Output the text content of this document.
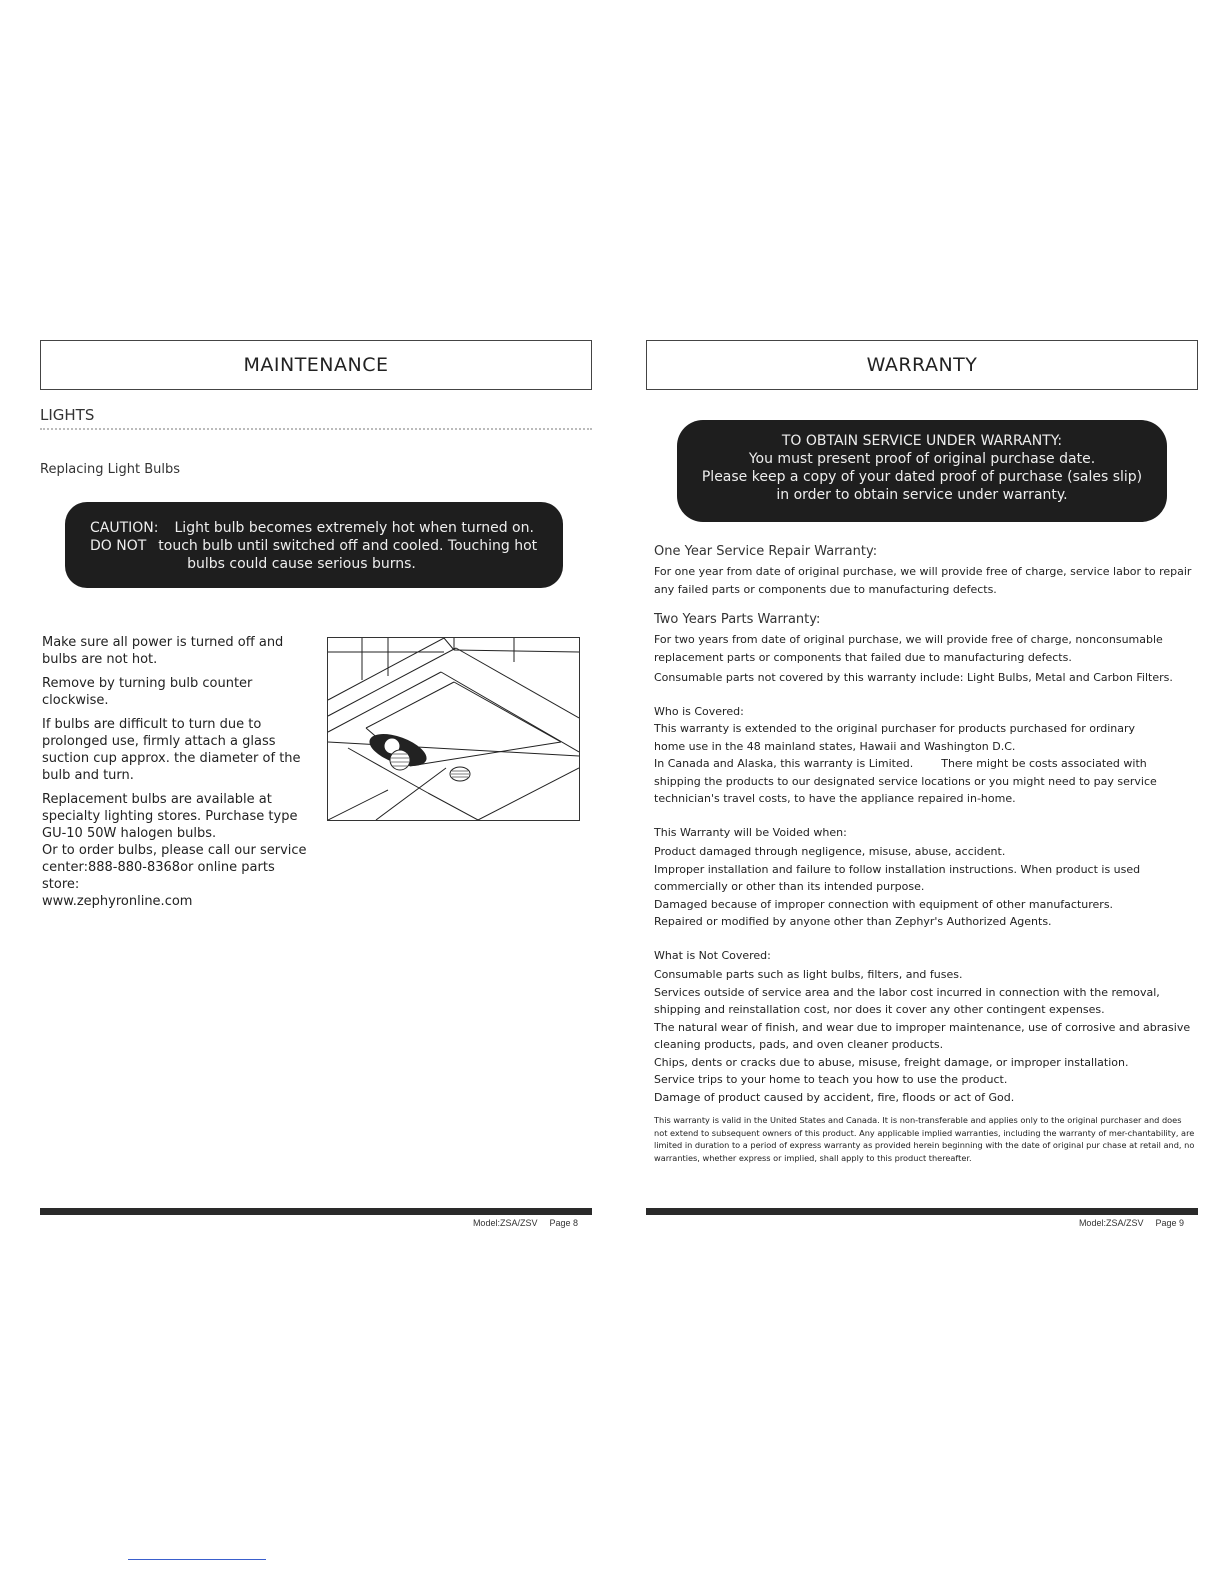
MAINTENANCE
LIGHTS
Replacing Light Bulbs
CAUTION: Light bulb becomes extremely hot when turned on.
DO NOT touch bulb until switched off and cooled. Touching hot
bulbs could cause serious burns.

Make sure all power is turned off and bulbs are not hot.

Remove by turning bulb counter clockwise.

If bulbs are difficult to turn due to prolonged use, firmly attach a glass suction cup approx. the diameter of the bulb and turn.

Replacement bulbs are available at specialty lighting stores. Purchase type GU-10 50W halogen bulbs.
Or to order bulbs, please call our service center:888-880-8368or online parts store:
www.zephyronline.com

Model:ZSA/ZSV Page 8
WARRANTY
TO OBTAIN SERVICE UNDER WARRANTY:
You must present proof of original purchase date.
Please keep a copy of your dated proof of purchase (sales slip)
in order to obtain service under warranty.
One Year Service Repair Warranty:

For one year from date of original purchase, we will provide free of charge, service labor to repair any failed parts or components due to manufacturing defects.

Two Years Parts Warranty:

For two years from date of original purchase, we will provide free of charge, nonconsumable replacement parts or components that failed due to manufacturing defects.

Consumable parts not covered by this warranty include: Light Bulbs, Metal and Carbon Filters.

Who is Covered:

This warranty is extended to the original purchaser for products purchased for ordinary

home use in the 48 mainland states, Hawaii and Washington D.C.

In Canada and Alaska, this warranty is Limited.	There might be costs associated with shipping the products to our designated service locations or you might need to pay service technician's travel costs, to have the appliance repaired in-home.

This Warranty will be Voided when:

Product damaged through negligence, misuse, abuse, accident.

Improper installation and failure to follow installation instructions. When product is used commercially or other than its intended purpose.

Damaged because of improper connection with equipment of other manufacturers.

Repaired or modified by anyone other than Zephyr's Authorized Agents.

What is Not Covered:

Consumable parts such as light bulbs, filters, and fuses.

Services outside of service area and the labor cost incurred in connection with the removal, shipping and reinstallation cost, nor does it cover any other contingent expenses.

The natural wear of finish, and wear due to improper maintenance, use of corrosive and abrasive cleaning products, pads, and oven cleaner products.

Chips, dents or cracks due to abuse, misuse, freight damage, or improper installation.

Service trips to your home to teach you how to use the product.

Damage of product caused by accident, fire, floods or act of God.

This warranty is valid in the United States and Canada. It is non-transferable and applies only to the original purchaser and does not extend to subsequent owners of this product. Any applicable implied warranties, including the warranty of mer-chantability, are limited in duration to a period of express warranty as provided herein beginning with the date of original pur chase at retail and, no warranties, whether express or implied, shall apply to this product thereafter.

Model:ZSA/ZSV Page 9
